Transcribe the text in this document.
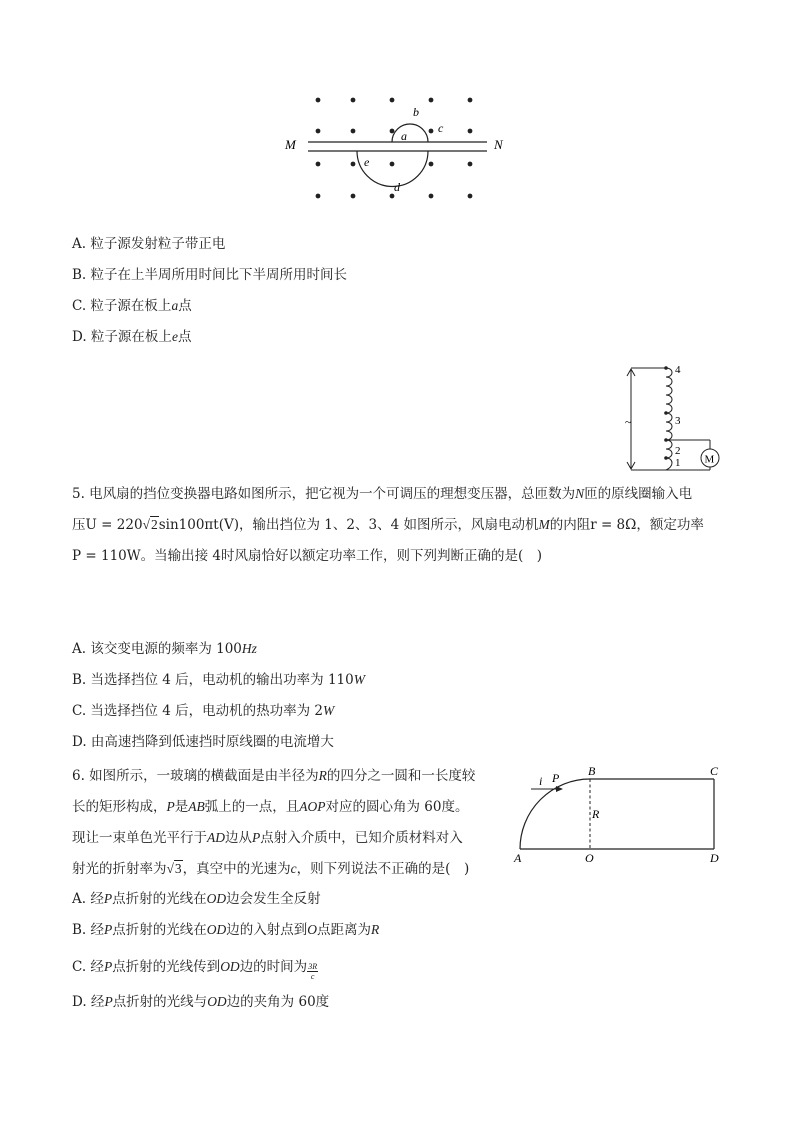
M	N
a
b
c
e
d
A. 粒子源发射粒子带正电
B. 粒子在上半周所用时间比下半周所用时间长
C. 粒子源在板上a点
D. 粒子源在板上e点
~
M
4
3
2
1
5. 电风扇的挡位变换器电路如图所示，把它视为一个可调压的理想变压器，总匝数为N匝的原线圈输入电
压U = 220√2sin100πt(V)，输出挡位为 1、2、3、4 如图所示，风扇电动机M的内阻r = 8Ω，额定功率
P = 110W。当输出接 4时风扇恰好以额定功率工作，则下列判断正确的是(　)
A. 该交变电源的频率为 100Hz
B. 当选择挡位 4 后，电动机的输出功率为 110W
C. 当选择挡位 4 后，电动机的热功率为 2W
D. 由高速挡降到低速挡时原线圈的电流增大
6. 如图所示，一玻璃的横截面是由半径为R的四分之一圆和一长度较
长的矩形构成，P是AB弧上的一点，且AOP对应的圆心角为 60度。
现让一束单色光平行于AD边从P点射入介质中，已知介质材料对入
射光的折射率为√3，真空中的光速为c，则下列说法不正确的是(　)
i P B	C
R
A	O	D
A. 经P点折射的光线在OD边会发生全反射
B. 经P点折射的光线在OD边的入射点到O点距离为R
C. 经P点折射的光线传到OD边的时间为 $\frac{3R}{c}$
D. 经P点折射的光线与OD边的夹角为 60度
